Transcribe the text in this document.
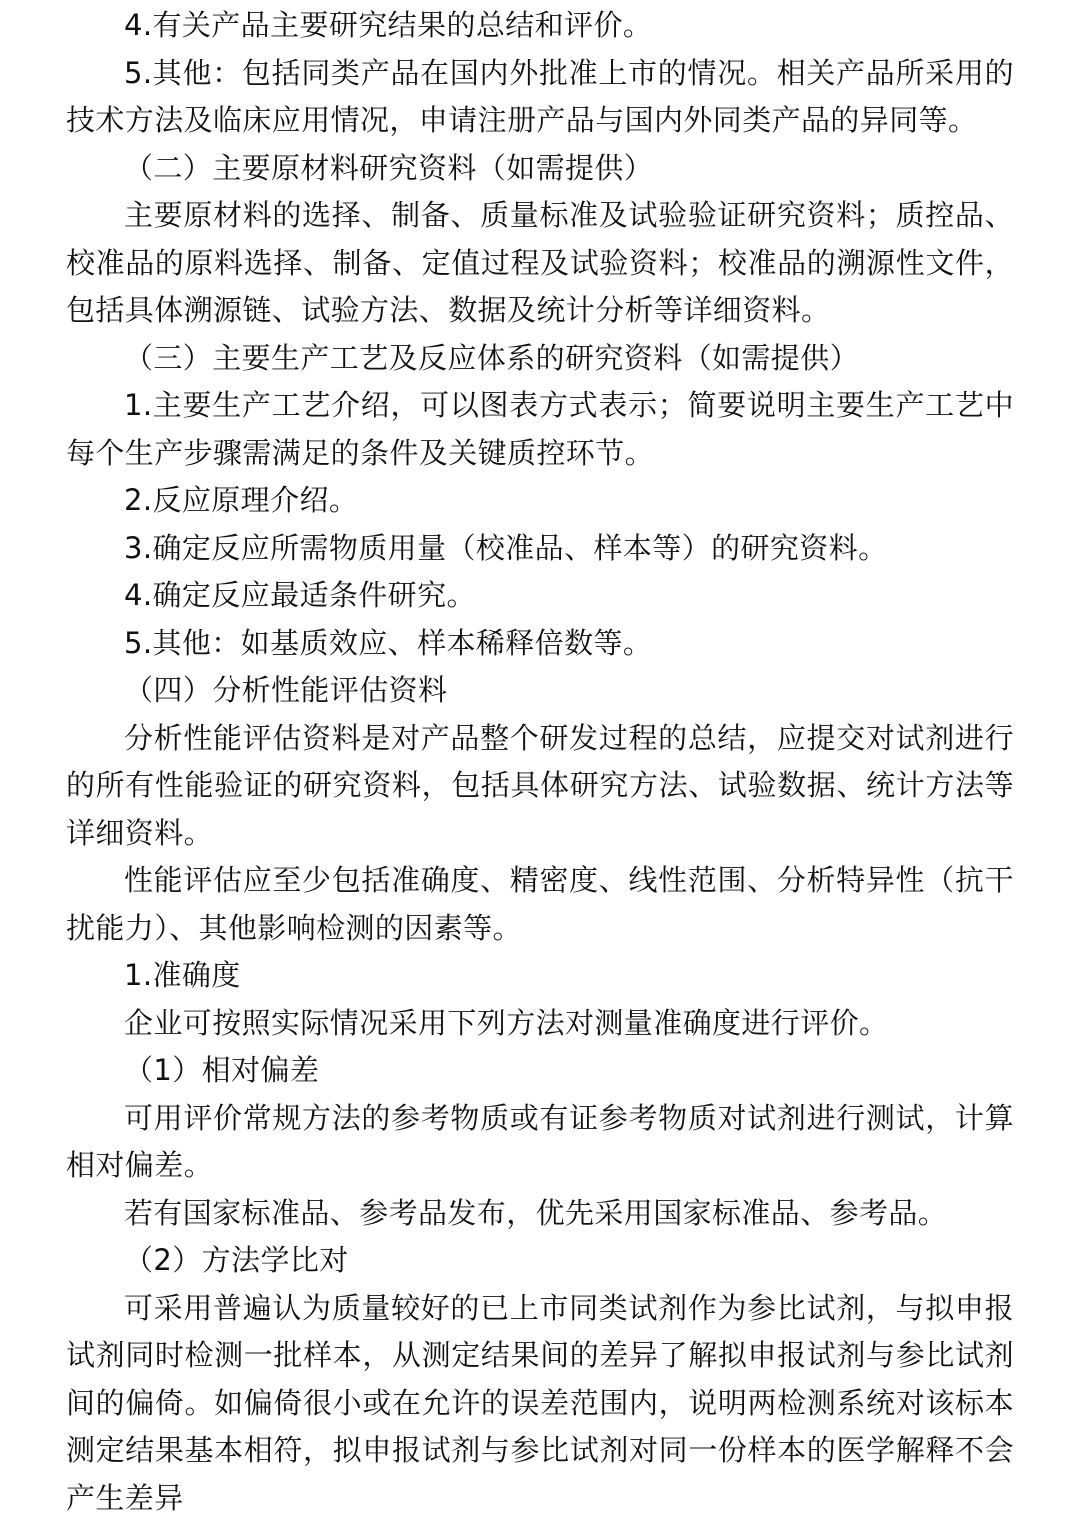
4.有关产品主要研究结果的总结和评价。

5.其他：包括同类产品在国内外批准上市的情况。相关产品所采用的技术方法及临床应用情况，申请注册产品与国内外同类产品的异同等。

（二）主要原材料研究资料（如需提供）

主要原材料的选择、制备、质量标准及试验验证研究资料；质控品、校准品的原料选择、制备、定值过程及试验资料；校准品的溯源性文件，包括具体溯源链、试验方法、数据及统计分析等详细资料。

（三）主要生产工艺及反应体系的研究资料（如需提供）

1.主要生产工艺介绍，可以图表方式表示；简要说明主要生产工艺中每个生产步骤需满足的条件及关键质控环节。

2.反应原理介绍。

3.确定反应所需物质用量（校准品、样本等）的研究资料。

4.确定反应最适条件研究。

5.其他：如基质效应、样本稀释倍数等。

（四）分析性能评估资料

分析性能评估资料是对产品整个研发过程的总结，应提交对试剂进行的所有性能验证的研究资料，包括具体研究方法、试验数据、统计方法等详细资料。

性能评估应至少包括准确度、精密度、线性范围、分析特异性（抗干扰能力）、其他影响检测的因素等。

1.准确度

企业可按照实际情况采用下列方法对测量准确度进行评价。

（1）相对偏差

可用评价常规方法的参考物质或有证参考物质对试剂进行测试，计算相对偏差。

若有国家标准品、参考品发布，优先采用国家标准品、参考品。

（2）方法学比对

可采用普遍认为质量较好的已上市同类试剂作为参比试剂，与拟申报试剂同时检测一批样本，从测定结果间的差异了解拟申报试剂与参比试剂间的偏倚。如偏倚很小或在允许的误差范围内，说明两检测系统对该标本测定结果基本相符，拟申报试剂与参比试剂对同一份样本的医学解释不会产生差异
